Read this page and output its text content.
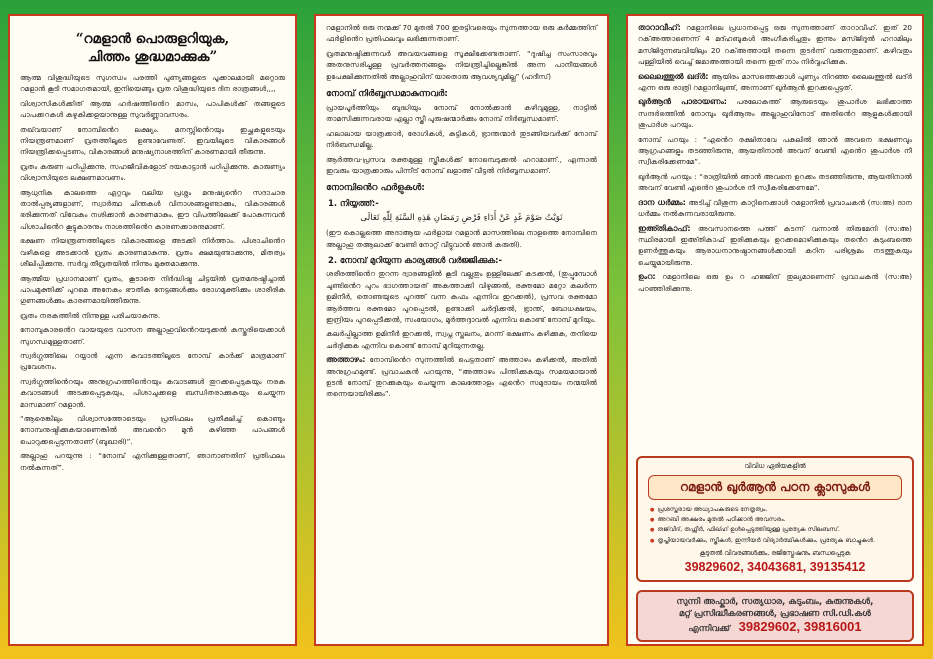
“റമളാൻ പൊരുളറിയുക,
ചിത്തം ശുദ്ധമാക്കുക”

ആത്മ വിശുദ്ധിയുടെ സുഗന്ധം പരത്തി പുണ്യങ്ങളുടെ പൂക്കാലമായി മറ്റൊരു റമളാൻ കൂടി സമാഗതമായി, ഇനിയെങ്ങും വ്രത വിശുദ്ധിയുടെ ദിന രാത്രങ്ങൾ,,,,

വിശ്വാസികൾക്കിത് ആത്മ ഹർഷത്തിൻെറ മാസം, പാപികൾക്ക് തങ്ങളുടെ പാപക്കറകൾ കഴുകിക്കളയാനുള്ള സുവർണ്ണാവസരം.

തഖ്‌വയാണ് നോമ്പിൻെറ ലക്ഷ്യം. മനസ്സിൻെറയും ഇച്ഛകളുടെയും നിയന്ത്രണമാണ് വ്രതത്തിലൂടെ ഉണ്ടാവേണ്ടത്. ഇവയിലൂടെ വികാരങ്ങൾ നിയന്ത്രിക്കപ്പെടണം, വികാരങ്ങൾ മനുഷ്യനാശത്തിന് കാരണമായി തീരുന്നു.

വ്രതം കരുണ പഠിപ്പിക്കുന്നു. സഹജീവികളോട് ദയകാട്ടാൻ പഠിപ്പിക്കുന്നു. കാരുണ്യം വിശ്വാസിയുടെ ലക്ഷണമാവണം.

ആധുനിക കാലത്തെ ഏറ്റവും വലിയ പ്രശ്നം മനുഷ്യൻെറ സദാചാര താൽപ്പര്യങ്ങളാണ്, സ്വാർത്ഥ ചിന്തകൾ വിനാശങ്ങളുണ്ടാക്കും, വികാരങ്ങൾ ഭരിക്കുന്നത് വിവേകം നശിക്കാൻ കാരണമാകും. ഈ വിപത്തിലേക്ക് പോകുന്നവൻ പിശാചിൻെറ കൂട്ടുകാരനും നാശത്തിൻെറ കാരണക്കാരനുമാണ്.

ഭക്ഷണ നിയന്ത്രണത്തിലൂടെ വികാരങ്ങളെ അടക്കി നിർത്താം. പിശാചിൻെറ വഴികളെ അടക്കാൻ വ്രതം കാരണമാകുന്നു. വ്രതം ക്ഷമയുണ്ടാക്കുന്നു, മിതത്വം ശീലിപ്പിക്കുന്നു. സർവ്വ തീവ്രതയിൽ നിന്നും മുക്തമാക്കുന്നു.

ആത്മീയ പ്രധാനമാണ് വ്രതം, കൂടാതെ നിർദ്ധിഷ്ട ചിട്ടയിൽ വ്രതമനുഷ്ഠിച്ചാൽ പാപമുക്തിക്ക് പുറമെ അനേകം ഭൗതിക നേട്ടങ്ങൾക്കും രോഗമുക്തിക്കും ശാരീരിക ഗുണങ്ങൾക്കും കാരണമായിത്തീരുന്നു.

വ്രതം നരകത്തിൽ നിന്നുള്ള പരിചയാകുന്നു.

നോമ്പുകാരൻെറ വായയുടെ വാസന അല്ലാഹുവിൻെറയടുക്കൽ കസ്തൂരിയെക്കാൾ സുഗന്ധമുള്ളതാണ്.

സ്വർഗ്ഗത്തിലെ റയ്യാൻ എന്ന കവാടത്തിലൂടെ നോമ്പ് കാർക്ക് മാത്രമാണ് പ്രവേശനം.

സ്വർഗ്ഗത്തിൻെറയും അനുഗ്രഹത്തിൻെറയും കവാടങ്ങൾ തുറക്കപ്പെടുകയും നരക കവാടങ്ങൾ അടക്കപ്പെടുകയും, പിശാചുക്കളെ ബന്ധിതരാക്കുകയും ചെയ്യുന്ന മാസമാണ് റമളാൻ.

“ആരെങ്കിലും വിശ്വാസത്തോടെയും പ്രതിഫലം പ്രതീക്ഷിച്ച് കൊണ്ടും നോമ്പനുഷ്ഠിക്കുകയാണെങ്കിൽ അവൻെറ മുൻ കഴിഞ്ഞ പാപങ്ങൾ പൊറുക്കപ്പെടുന്നതാണ് (ബുഖാരി)”.

അല്ലാഹു പറയുന്നു : “നോമ്പ് എനിക്കുള്ളതാണ്, ഞാനാണതിന് പ്രതിഫലം നൽകുന്നത്”.

റമളാനിൽ ഒരു നന്മക്ക് 70 മുതൽ 700 ഇരട്ടിവരെയും സുന്നത്തായ ഒരു കർമ്മത്തിന് ഫർളിൻെറ പ്രതിഫലവും ലഭിക്കുന്നതാണ്.

വ്രതമനുഷ്ഠിക്കുന്നവർ അവയവങ്ങളെ സൂക്ഷിക്കേണ്ടതാണ്. “ദുഷിച്ച സംസാരവും അതനുസരിച്ചുള്ള പ്രവർത്തനങ്ങളും നിയന്ത്രിച്ചില്ലെങ്കിൽ അന്ന പാനീയങ്ങൾ ഉപേക്ഷിക്കുന്നതിൽ അല്ലാഹുവിന് യാതൊരു ആവശ്യവുമില്ല” (ഹദീസ്)

നോമ്പ് നിർബ്ബന്ധമാകുന്നവർ:

പ്രായപൂർത്തിയും ബുദ്ധിയും നോമ്പ് നോൽക്കാൻ കഴിവുമുള്ള, നാട്ടിൽ താമസിക്കുന്നവരായ എല്ലാ സ്ത്രീ പുരുഷന്മാർക്കും നോമ്പ് നിർബ്ബന്ധമാണ്.

ഹലാലായ യാത്രക്കാർ, രോഗികൾ, കുട്ടികൾ, ഭ്രാന്തന്മാർ തുടങ്ങിയവർക്ക് നോമ്പ് നിർബന്ധമില്ല.

ആർത്തവ-പ്രസവ രക്തമുള്ള സ്ത്രീകൾക്ക് നോമ്പെടുക്കൽ ഹറാമാണ്., എന്നാൽ ഇവരും യാത്രക്കാരും പിന്നീട് നോമ്പ് ഖളാ‌അ് വീട്ടൽ നിർബ്ബന്ധമാണ്.

നോമ്പിൻെറ ഫർളുകൾ:
1. നിയ്യത്ത്:-
نَوَيْتُ صَوْمَ غَدٍ عَنْ أَدَاءِ فَرْضِ رَمَضَانِ هَذِهِ السَّنَةِ لِلّٰهِ تَعَالَى

(ഈ കൊല്ലത്തെ അദാആയ ഫർളായ റമളാൻ മാസത്തിലെ നാളത്തെ നോമ്പിനെ അല്ലാഹു തആലാക്ക് വേണ്ടി നോറ്റ് വീട്ടുവാൻ ഞാൻ കരുതി).

2. നോമ്പ് മുറിയുന്ന കാര്യങ്ങൾ വർജ്ജിക്കുക:-

ശരീരത്തിൻെറ തുറന്ന ദ്വാരങ്ങളിൽ കൂടി വല്ലതും ഉള്ളിലേക്ക് കടക്കൽ, (തുപ്പുമ്പോൾ ചുണ്ടിൻെറ പുറം ഭാഗത്തായത് അകത്താക്കി വിഴുങ്ങൽ, രക്തമോ മറ്റോ കലർന്ന ഉമിനീർ, തൊണ്ടയുടെ പുറത്ത് വന്ന കഫം എന്നിവ ഇറക്കൽ), പ്രസവ രക്തമോ ആർത്തവ രക്തമോ പുറപ്പെടൽ, ഉണ്ടാക്കി ചർദ്ദിക്കൽ, ഭ്രാന്ത്, ബോധക്ഷയം, ഇന്ദ്രിയം പുറപ്പെടീക്കൽ, സംയോഗം, മുർത്തദ്ദാവൽ എന്നിവ കൊണ്ട് നോമ്പ് മുറിയും.

കലർപ്പില്ലാത്ത ഉമിനീർ ഇറക്കൽ, സ്വപ്ന സ്ഖലനം, മറന്ന് ഭക്ഷണം കഴിക്കുക, തനിയെ ചർദ്ദിക്കുക എന്നിവ കൊണ്ട് നോമ്പ് മുറിയുന്നതല്ല.

അത്താഴം: നോമ്പിൻെറ സുന്നത്തിൽ പെട്ടതാണ് അത്താഴം കഴിക്കൽ, അതിൽ അനുഗ്രഹമുണ്ട്. പ്രവാചകൻ പറയുന്നു, “അത്താഴം പിന്തിക്കുകയും സമയമായാൽ ഉടൻ നോമ്പ് തുറക്കുകയും ചെയ്യുന്ന കാലത്തോളം എൻെറ സമുദായം നന്മയിൽ തന്നെയായിരിക്കും”.

താറാവീഹ്: റമളാനിലെ പ്രധാനപ്പെട്ട ഒരു സുന്നത്താണ് താറാവീഹ്. ഇത് 20 റക്അത്താണെന്ന് 4 മദ്ഹബുകൾ അംഗീകരിച്ചതും ഇന്നും മസ്ജിദുൽ ഹറാമിലും മസ്ജിദുന്നബവിയിലും 20 റക്അത്തായി തന്നെ തുടർന്ന് വരുന്നതുമാണ്. കഴിവതും പള്ളിയിൽ വെച്ച് ജമാഅത്തായി തന്നെ ഇത് നാം നിർവ്വഹിക്കുക.

ലൈലത്തുൽ ഖദ്ർ: ആയിരം മാസത്തെക്കാൾ പുണ്യം നിറഞ്ഞ ലൈലത്തുൽ ഖദ്ർ എന്ന ഒരു രാത്രി റമളാനിലുണ്ട്, അന്നാണ് ഖുർആൻ ഇറക്കപ്പെട്ടത്.

ഖുർആൻ പാരായണം: പരലോകത്ത് ആരുടെയും ശുപാർശ ലഭിക്കാത്ത സന്ദർഭത്തിൽ നോമ്പും ഖുർആനും അല്ലാഹുവിനോട് അതിൻെറ ആളുകൾക്കായി ശുപാർശ പറയും.

നോമ്പ് പറയും : “എൻെറ രക്ഷിതാവേ പകലിൽ ഞാൻ അവനെ ഭക്ഷണവും ആഗ്രഹങ്ങളും തടഞ്ഞിരുന്നു, ആയതിനാൽ അവന് വേണ്ടി എൻെറ ശുപാർശ നീ സ്വീകരിക്കേണമേ”.

ഖുർആൻ പറയും : “രാത്രിയിൽ ഞാൻ അവനെ ഉറക്കം തടഞ്ഞിരുന്നു, ആയതിനാൽ അവന് വേണ്ടി എൻെറ ശുപാർശ നീ സ്വീകരിക്കേണമേ”.

ദാന ധർമ്മം: അടിച്ച് വീശുന്ന കാറ്റിനെക്കാൾ റമളാനിൽ പ്രവാചകൻ (സ:അ) ദാന ധർമ്മം നൽകുന്നവരായിരുന്നു.

ഇഅ്തികാഫ്: അവസാനത്തെ പത്ത് കടന്ന് വന്നാൽ തിരുമേനി (സ:അ) സ്ഥിരമായി ഇഅ്തികാഫ് ഇരിക്കുകയും ഉറക്കമൊഴിക്കുകയും തൻെറ കുടുംബത്തെ ഉണർത്തുകയും ആരാധനാനുഷ്ഠാനങ്ങൾക്കായി കഠിന പരിശ്രമം നടത്തുകയും ചെയ്യുമായിരുന്നു.

ഉംറ: റമളാനിലെ ഒരു ഉം റ ഹജ്ജിന് തുല്യമാണെന്ന് പ്രവാചകൻ (സ:അ) പഠഞ്ഞിരിക്കുന്നു.

വിവിധ ഏരിയകളിൽ
റമളാൻ ഖുർആൻ പഠന ക്ലാസുകൾ
● പ്രശസ്തരായ അധ്യാപകരുടെ നേതൃത്വം.
● അറബി അക്ഷരം മുതൽ പഠിക്കാൻ അവസരം.
● തജ്‌വീദ്, തഫ്സീർ, ഫിഖ്ഹ് ഉൾപ്പെടുത്തിയുള്ള പ്രത്യേക സിലബസ്.
● തൃപ്തിയായവർക്കും, സ്ത്രീകൾ, ഇന്നീയർ വിദ്യാർത്ഥികൾക്കും, പ്രത്യേക ബാച്ചുകൾ.
കൂടുതൽ വിവരങ്ങൾക്കും, രജിസ്ട്രേഷനും ബന്ധപ്പെടുക
39829602, 34043681, 39135412
സുന്നി അഫ്കാർ, സത്യധാര, കുടുംബം, കുരുന്നുകൾ,
മറ്റ് പ്രസിദ്ധീകരണങ്ങൾ, പ്രഭാഷണ സി.ഡി.കൾ
എന്നിവക്ക് 39829602, 39816001
